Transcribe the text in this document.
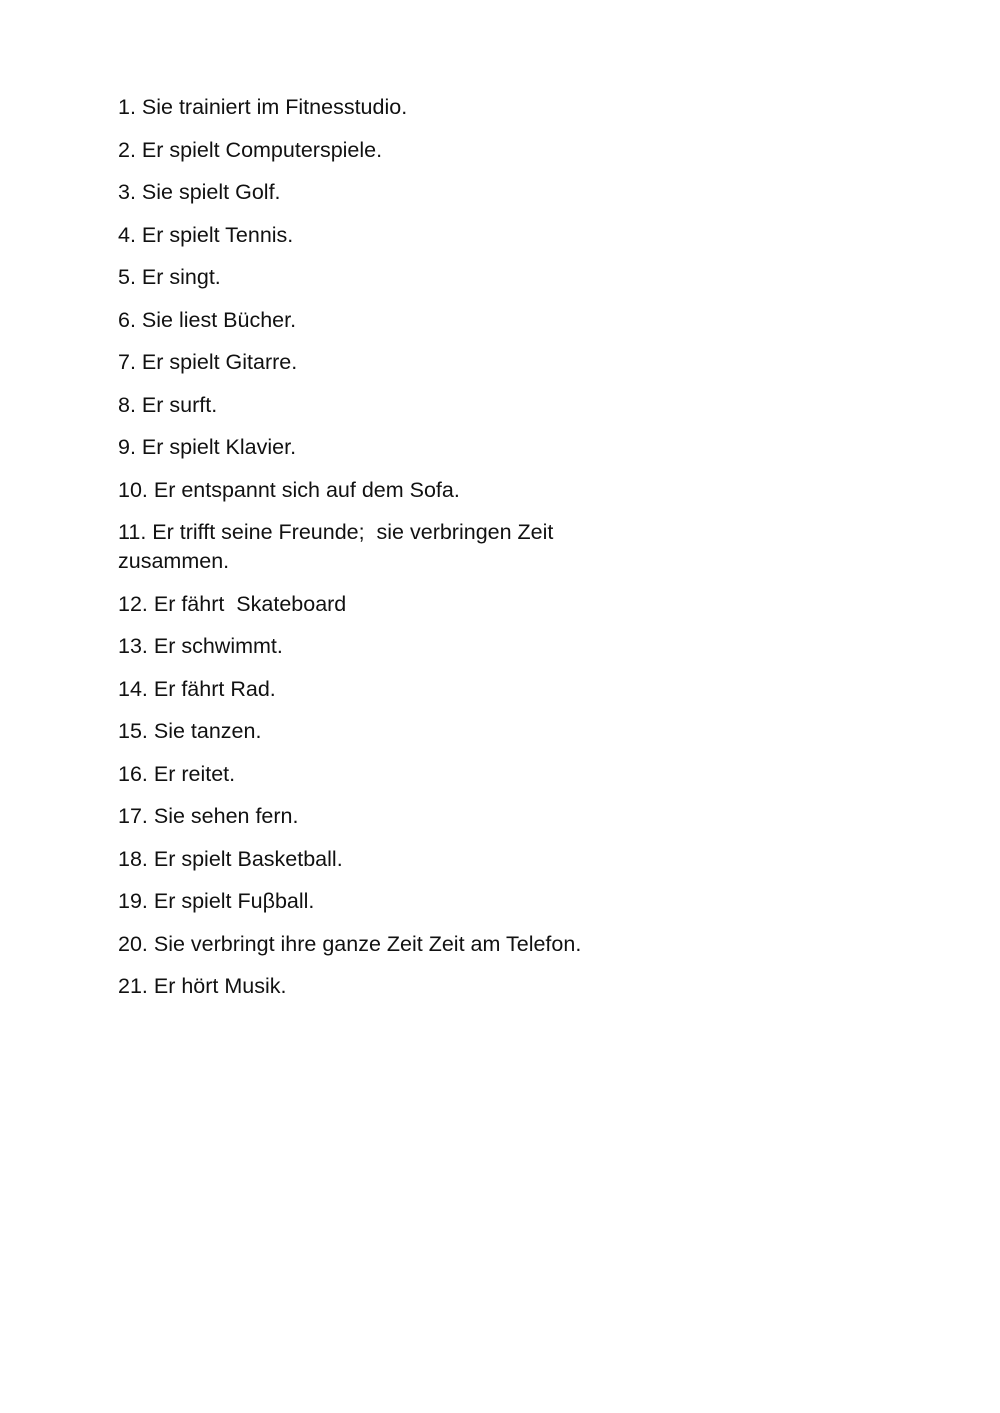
1. Sie trainiert im Fitnesstudio.
2. Er spielt Computerspiele.
3. Sie spielt Golf.
4. Er spielt Tennis.
5. Er singt.
6. Sie liest Bücher.
7. Er spielt Gitarre.
8. Er surft.
9. Er spielt Klavier.
10. Er entspannt sich auf dem Sofa.
11. Er trifft seine Freunde;  sie verbringen Zeit zusammen.
12. Er fährt  Skateboard
13. Er schwimmt.
14. Er fährt Rad.
15. Sie tanzen.
16. Er reitet.
17. Sie sehen fern.
18. Er spielt Basketball.
19. Er spielt Fuβball.
20. Sie verbringt ihre ganze Zeit Zeit am Telefon.
21. Er hört Musik.
